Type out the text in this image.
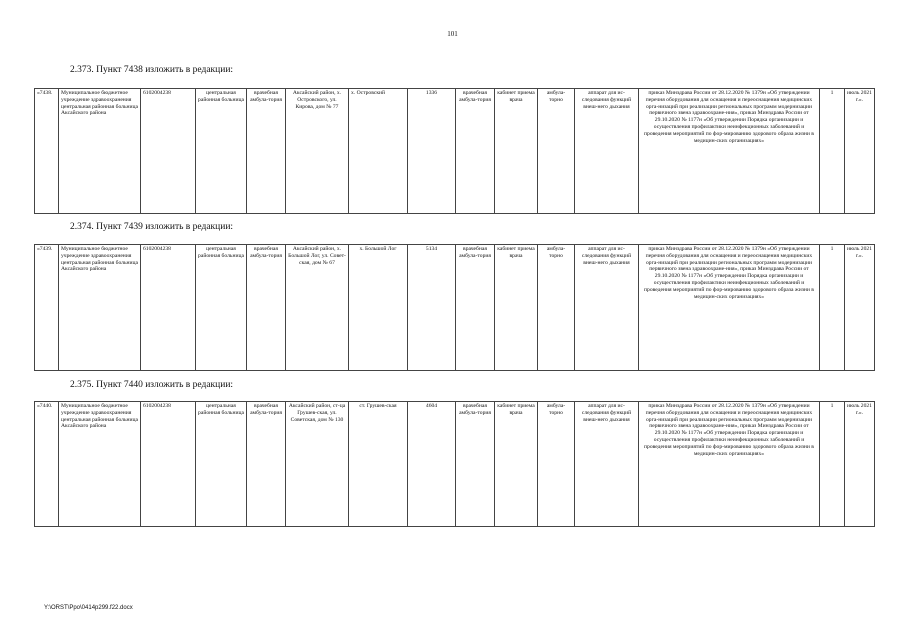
101
2.373. Пункт 7438 изложить в редакции:
«7438.	Муниципальное бюджетное учреждение здравоохранения центральная районная больница Аксайского района	6102004238	центральная районная больница	врачебная амбула-тория	Аксайский район, х. Островского, ул. Кирова, дом № 77	х. Островский	1336	врачебная амбула-тория	кабинет приема врача	амбула-торно	аппарат для ис-следования функций внеш-него дыхания	приказ Минздрава России от 28.12.2020 № 1379н «Об утверждении перечня оборудования для оснащения и переоснащения медицинских орга-низаций при реализации региональных программ модернизации первичного звена здравоохране-ния», приказ Минздрава России от 29.10.2020 № 1177н «Об утверждении Порядка организации и осуществления профилактики неинфекционных заболеваний и проведения мероприятий по фор-мированию здорового образа жизни в медицин-ских организациях»	1	июль 2021 г.».
2.374. Пункт 7439 изложить в редакции:
«7439.	Муниципальное бюджетное учреждение здравоохранения центральная районная больница Аксайского района	6102004238	центральная районная больница	врачебная амбула-тория	Аксайский район, х. Большой Лог, ул. Совет-ская, дом № 67	х. Большой Лог	5134	врачебная амбула-тория	кабинет приема врача	амбула-торно	аппарат для ис-следования функций внеш-него дыхания	приказ Минздрава России от 28.12.2020 № 1379н «Об утверждении перечня оборудования для оснащения и переоснащения медицинских орга-низаций при реализации региональных программ модернизации первичного звена здравоохране-ния», приказ Минздрава России от 29.10.2020 № 1177н «Об утверждении Порядка организации и осуществления профилактики неинфекционных заболеваний и проведения мероприятий по фор-мированию здорового образа жизни в медицин-ских организациях»	1	июль 2021 г.».
2.375. Пункт 7440 изложить в редакции:
«7440.	Муниципальное бюджетное учреждение здравоохранения центральная районная больница Аксайского района	6102004238	центральная районная больница	врачебная амбула-тория	Аксайский район, ст-ца Грушев-ская, ул. Советская, дом № 130	ст. Грушев-ская	4604	врачебная амбула-тория	кабинет приема врача	амбула-торно	аппарат для ис-следования функций внеш-него дыхания	приказ Минздрава России от 28.12.2020 № 1379н «Об утверждении перечня оборудования для оснащения и переоснащения медицинских орга-низаций при реализации региональных программ модернизации первичного звена здравоохране-ния», приказ Минздрава России от 29.10.2020 № 1177н «Об утверждении Порядка организации и осуществления профилактики неинфекционных заболеваний и проведения мероприятий по фор-мированию здорового образа жизни в медицин-ских организациях»	1	июль 2021 г.».
Y:\ORST\Ppo\0414p299.f22.docx
